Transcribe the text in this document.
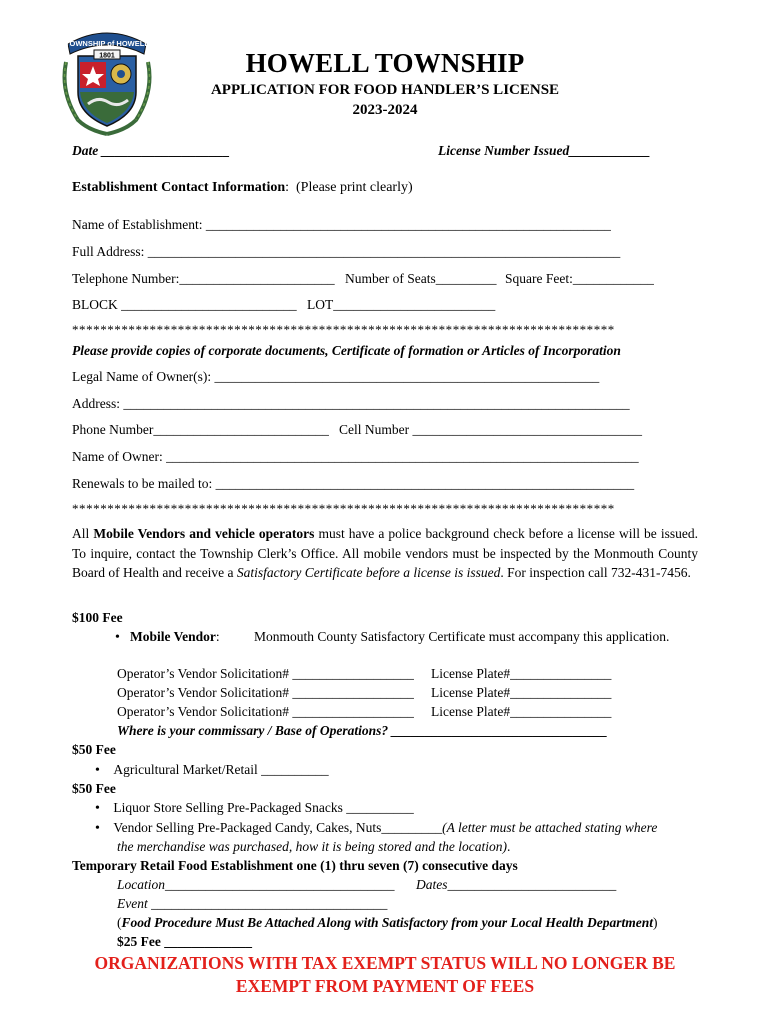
TOWNSHIP of HOWELL
1801	HOWELL TOWNSHIP
APPLICATION FOR FOOD HANDLER’S LICENSE
2023-2024
Date ___________________	License Number Issued____________
Establishment Contact Information: (Please print clearly)
Name of Establishment: ____________________________________________________________
Full Address: ______________________________________________________________________
Telephone Number:_______________________ Number of Seats_________ Square Feet:____________
BLOCK __________________________ LOT________________________
*****************************************************************************
Please provide copies of corporate documents, Certificate of formation or Articles of Incorporation
Legal Name of Owner(s): _________________________________________________________
Address: ___________________________________________________________________________
Phone Number__________________________ Cell Number __________________________________
Name of Owner: ______________________________________________________________________
Renewals to be mailed to: ______________________________________________________________
*****************************************************************************
All Mobile Vendors and vehicle operators must have a police background check before a license will be issued. To inquire, contact the Township Clerk’s Office. All mobile vendors must be inspected by the Monmouth County Board of Health and receive a Satisfactory Certificate before a license is issued. For inspection call 732-431-7456.
$100 Fee
• Mobile Vendor:	Monmouth County Satisfactory Certificate must accompany this application.
Operator’s Vendor Solicitation# __________________ License Plate#_______________
Operator’s Vendor Solicitation# __________________ License Plate#_______________
Operator’s Vendor Solicitation# __________________ License Plate#_______________
Where is your commissary / Base of Operations? ________________________________
$50 Fee
• Agricultural Market/Retail __________
$50 Fee
• Liquor Store Selling Pre-Packaged Snacks __________
• Vendor Selling Pre-Packaged Candy, Cakes, Nuts_________(A letter must be attached stating where
the merchandise was purchased, how it is being stored and the location).
Temporary Retail Food Establishment one (1) thru seven (7) consecutive days
Location__________________________________ Dates_________________________
Event ___________________________________
(Food Procedure Must Be Attached Along with Satisfactory from your Local Health Department)
$25 Fee _____________
ORGANIZATIONS WITH TAX EXEMPT STATUS WILL NO LONGER BE
EXEMPT FROM PAYMENT OF FEES
